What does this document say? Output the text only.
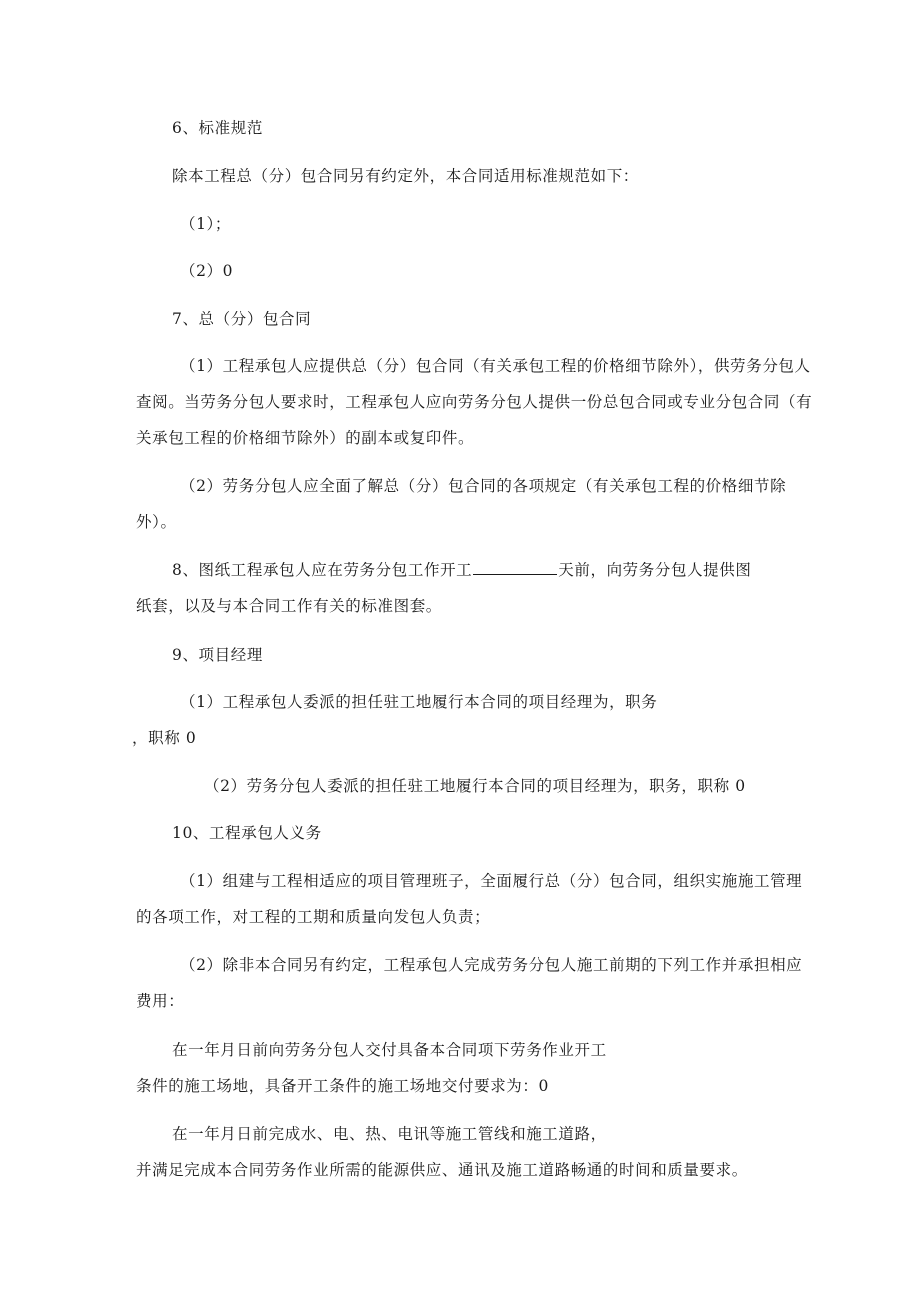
6、标准规范
除本工程总（分）包合同另有约定外，本合同适用标准规范如下：
（1）；
（2）0
7、总（分）包合同
（1）工程承包人应提供总（分）包合同（有关承包工程的价格细节除外），供劳务分包人
查阅。当劳务分包人要求时，工程承包人应向劳务分包人提供一份总包合同或专业分包合同（有
关承包工程的价格细节除外）的副本或复印件。
（2）劳务分包人应全面了解总（分）包合同的各项规定（有关承包工程的价格细节除
外）。
8、图纸工程承包人应在劳务分包工作开工	天前，向劳务分包人提供图
纸套，以及与本合同工作有关的标准图套。
9、项目经理
（1）工程承包人委派的担任驻工地履行本合同的项目经理为，职务
，职称 0
（2）劳务分包人委派的担任驻工地履行本合同的项目经理为，职务，职称 0
10、工程承包人义务
（1）组建与工程相适应的项目管理班子，全面履行总（分）包合同，组织实施施工管理
的各项工作，对工程的工期和质量向发包人负责；
（2）除非本合同另有约定，工程承包人完成劳务分包人施工前期的下列工作并承担相应
费用：
在一年月日前向劳务分包人交付具备本合同项下劳务作业开工
条件的施工场地，具备开工条件的施工场地交付要求为：0
在一年月日前完成水、电、热、电讯等施工管线和施工道路，
并满足完成本合同劳务作业所需的能源供应、通讯及施工道路畅通的时间和质量要求。
